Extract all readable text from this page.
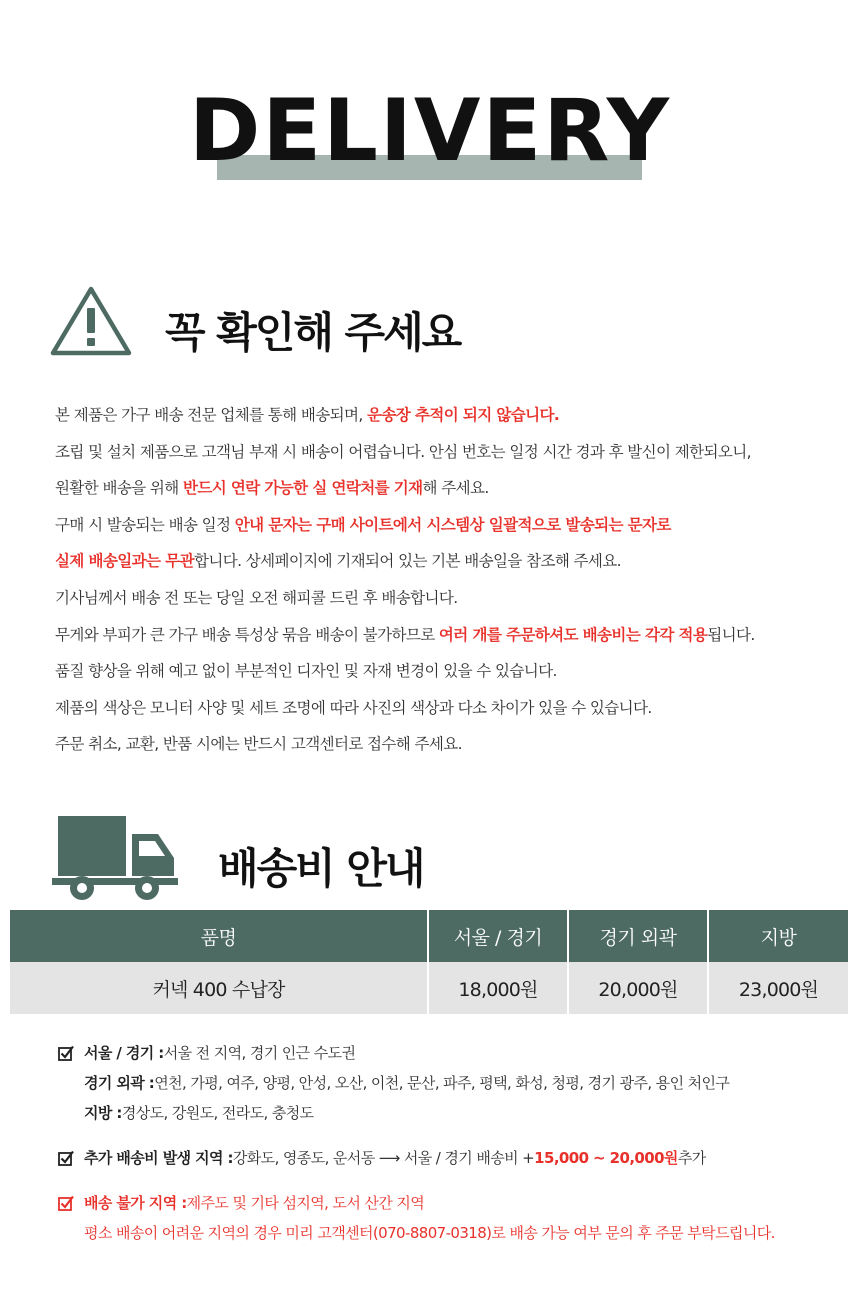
DELIVERY
꼭 확인해 주세요
본 제품은 가구 배송 전문 업체를 통해 배송되며, 운송장 추적이 되지 않습니다.
조립 및 설치 제품으로 고객님 부재 시 배송이 어렵습니다. 안심 번호는 일정 시간 경과 후 발신이 제한되오니,
원활한 배송을 위해 반드시 연락 가능한 실 연락처를 기재해 주세요.
구매 시 발송되는 배송 일정 안내 문자는 구매 사이트에서 시스템상 일괄적으로 발송되는 문자로
실제 배송일과는 무관합니다. 상세페이지에 기재되어 있는 기본 배송일을 참조해 주세요.
기사님께서 배송 전 또는 당일 오전 해피콜 드린 후 배송합니다.
무게와 부피가 큰 가구 배송 특성상 묶음 배송이 불가하므로 여러 개를 주문하셔도 배송비는 각각 적용됩니다.
품질 향상을 위해 예고 없이 부분적인 디자인 및 자재 변경이 있을 수 있습니다.
제품의 색상은 모니터 사양 및 세트 조명에 따라 사진의 색상과 다소 차이가 있을 수 있습니다.
주문 취소, 교환, 반품 시에는 반드시 고객센터로 접수해 주세요.
배송비 안내
품명	서울 / 경기	경기 외곽	지방
커넥 400 수납장	18,000원	20,000원	23,000원
서울 / 경기 : 서울 전 지역, 경기 인근 수도권
경기 외곽 : 연천, 가평, 여주, 양평, 안성, 오산, 이천, 문산, 파주, 평택, 화성, 청평, 경기 광주, 용인 처인구
지방 : 경상도, 강원도, 전라도, 충청도
추가 배송비 발생 지역 : 강화도, 영종도, 운서동 ⟶ 서울 / 경기 배송비 + 15,000 ~ 20,000원 추가
배송 불가 지역 : 제주도 및 기타 섬지역, 도서 산간 지역
평소 배송이 어려운 지역의 경우 미리 고객센터(070-8807-0318)로 배송 가능 여부 문의 후 주문 부탁드립니다.
